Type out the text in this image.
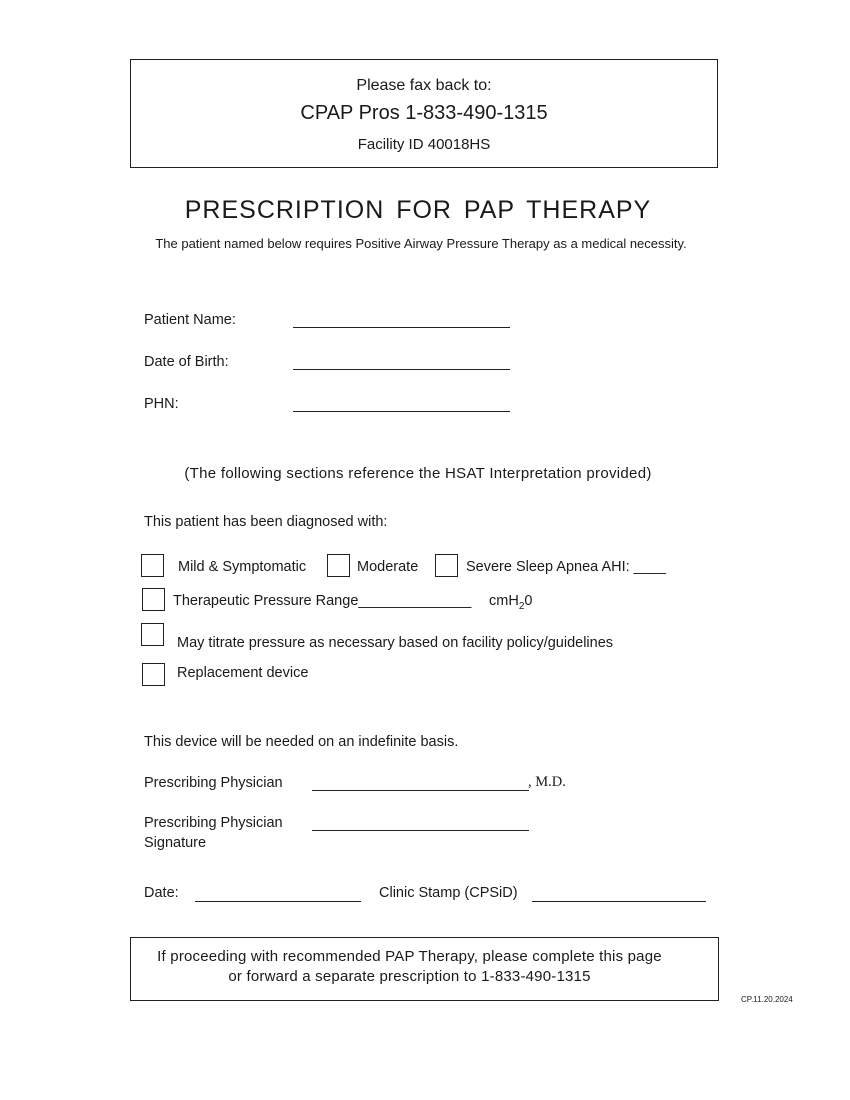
Please fax back to:
CPAP Pros 1-833-490-1315
Facility ID 40018HS
PRESCRIPTION FOR PAP THERAPY
The patient named below requires Positive Airway Pressure Therapy as a medical necessity.
Patient Name:
Date of Birth:
PHN:
(The following sections reference the HSAT Interpretation provided)
This patient has been diagnosed with:
Mild & Symptomatic	Moderate	Severe Sleep Apnea AHI: ____
Therapeutic Pressure Range______________ cmH$_2$0
May titrate pressure as necessary based on facility policy/guidelines
Replacement device
This device will be needed on an indefinite basis.
Prescribing Physician	, M.D.
Prescribing Physician
Signature
Date:	Clinic Stamp (CPSiD)
If proceeding with recommended PAP Therapy, please complete this page
or forward a separate prescription to 1-833-490-1315
CP.11.20.2024
